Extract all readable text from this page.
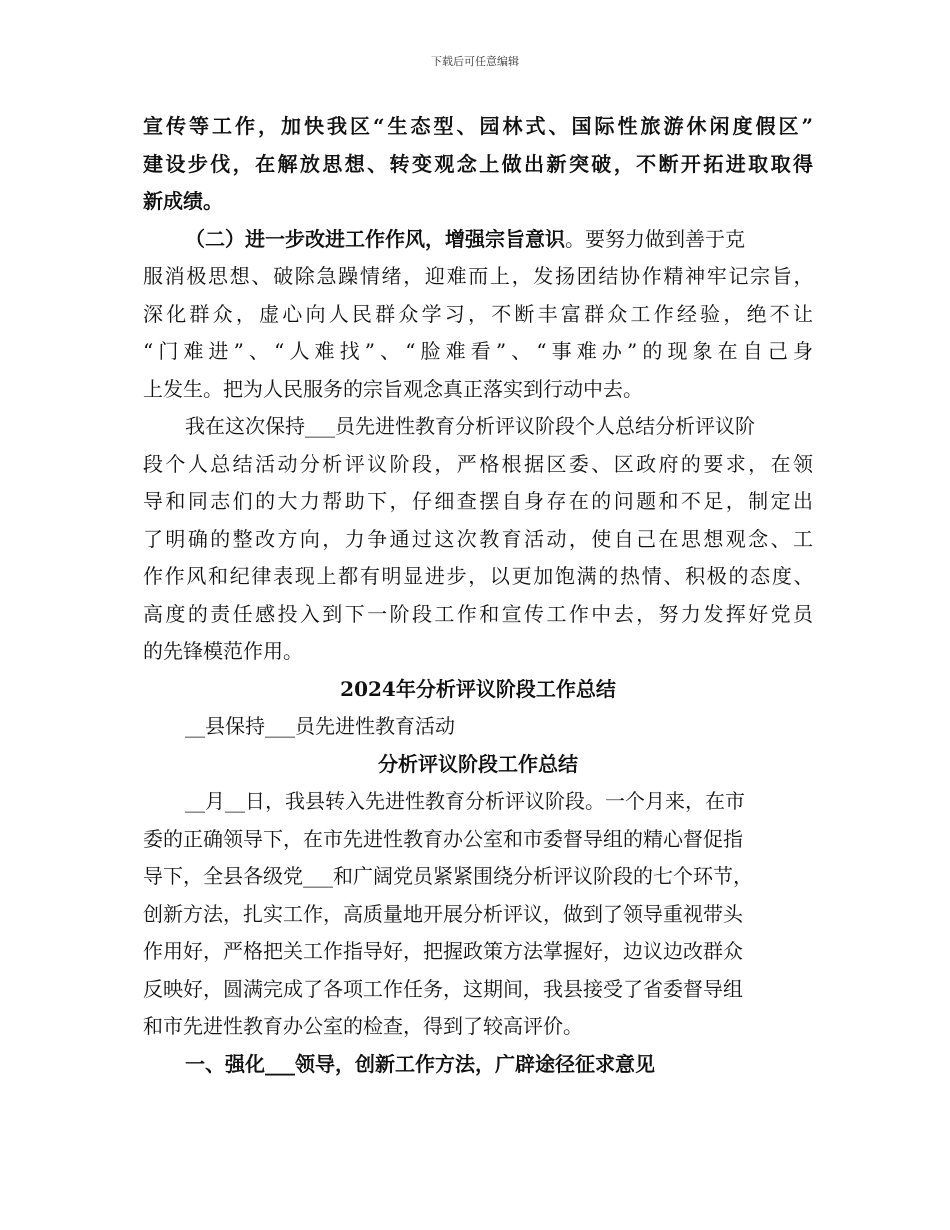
下载后可任意编辑
宣传等工作，加快我区“生态型、园林式、国际性旅游休闲度假区”
建设步伐，在解放思想、转变观念上做出新突破，不断开拓进取取得
新成绩。
（二）进一步改进工作作风，增强宗旨意识。要努力做到善于克
服消极思想、破除急躁情绪，迎难而上，发扬团结协作精神牢记宗旨，
深化群众，虚心向人民群众学习，不断丰富群众工作经验，绝不让
“门难进”、“人难找”、“脸难看”、“事难办”的现象在自己身
上发生。把为人民服务的宗旨观念真正落实到行动中去。
我在这次保持___员先进性教育分析评议阶段个人总结分析评议阶
段个人总结活动分析评议阶段，严格根据区委、区政府的要求，在领
导和同志们的大力帮助下，仔细查摆自身存在的问题和不足，制定出
了明确的整改方向，力争通过这次教育活动，使自己在思想观念、工
作作风和纪律表现上都有明显进步，以更加饱满的热情、积极的态度、
高度的责任感投入到下一阶段工作和宣传工作中去，努力发挥好党员
的先锋模范作用。
2024年分析评议阶段工作总结
__县保持___员先进性教育活动
分析评议阶段工作总结
__月__日，我县转入先进性教育分析评议阶段。一个月来，在市
委的正确领导下，在市先进性教育办公室和市委督导组的精心督促指
导下，全县各级党___和广阔党员紧紧围绕分析评议阶段的七个环节，
创新方法，扎实工作，高质量地开展分析评议，做到了领导重视带头
作用好，严格把关工作指导好，把握政策方法掌握好，边议边改群众
反映好，圆满完成了各项工作任务，这期间，我县接受了省委督导组
和市先进性教育办公室的检查，得到了较高评价。
一、强化___领导，创新工作方法，广辟途径征求意见
